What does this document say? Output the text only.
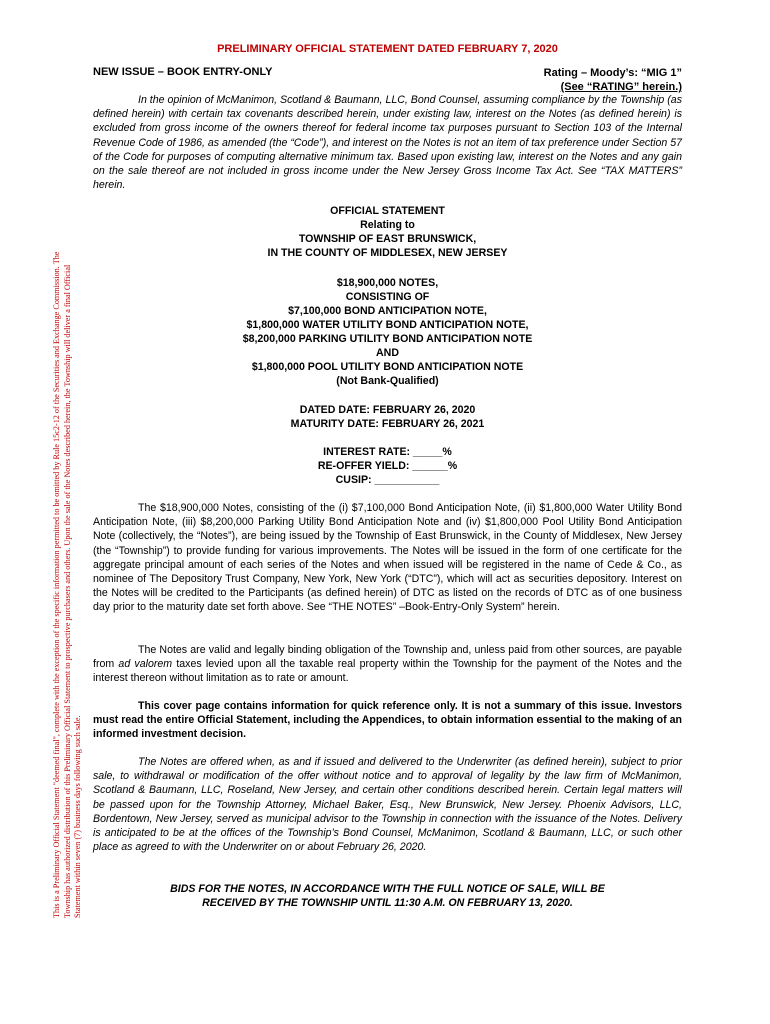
This is a Preliminary Official Statement "deemed final", complete with the exception of the specific information permitted to be omitted by Rule 15c2-12 of the Securities and Exchange Commission. The Township has authorized distribution of this Preliminary Official Statement to prospective purchasers and others. Upon the sale of the Notes described herein, the Township will deliver a final Official Statement within seven (7) business days following such sale.
PRELIMINARY OFFICIAL STATEMENT DATED FEBRUARY 7, 2020
NEW ISSUE – BOOK ENTRY-ONLY	Rating – Moody’s: “MIG 1”
(See “RATING” herein.)
In the opinion of McManimon, Scotland & Baumann, LLC, Bond Counsel, assuming compliance by the Township (as defined herein) with certain tax covenants described herein, under existing law, interest on the Notes (as defined herein) is excluded from gross income of the owners thereof for federal income tax purposes pursuant to Section 103 of the Internal Revenue Code of 1986, as amended (the “Code”), and interest on the Notes is not an item of tax preference under Section 57 of the Code for purposes of computing alternative minimum tax. Based upon existing law, interest on the Notes and any gain on the sale thereof are not included in gross income under the New Jersey Gross Income Tax Act. See “TAX MATTERS” herein.
OFFICIAL STATEMENT
Relating to
TOWNSHIP OF EAST BRUNSWICK,
IN THE COUNTY OF MIDDLESEX, NEW JERSEY
$18,900,000 NOTES,
CONSISTING OF
$7,100,000 BOND ANTICIPATION NOTE,
$1,800,000 WATER UTILITY BOND ANTICIPATION NOTE,
$8,200,000 PARKING UTILITY BOND ANTICIPATION NOTE
AND
$1,800,000 POOL UTILITY BOND ANTICIPATION NOTE
(Not Bank-Qualified)
DATED DATE: FEBRUARY 26, 2020
MATURITY DATE: FEBRUARY 26, 2021
INTEREST RATE: _____%
RE-OFFER YIELD: ______%
CUSIP: ___________
The $18,900,000 Notes, consisting of the (i) $7,100,000 Bond Anticipation Note, (ii) $1,800,000 Water Utility Bond Anticipation Note, (iii) $8,200,000 Parking Utility Bond Anticipation Note and (iv) $1,800,000 Pool Utility Bond Anticipation Note (collectively, the “Notes”), are being issued by the Township of East Brunswick, in the County of Middlesex, New Jersey (the “Township”) to provide funding for various improvements. The Notes will be issued in the form of one certificate for the aggregate principal amount of each series of the Notes and when issued will be registered in the name of Cede & Co., as nominee of The Depository Trust Company, New York, New York (“DTC”), which will act as securities depository. Interest on the Notes will be credited to the Participants (as defined herein) of DTC as listed on the records of DTC as of one business day prior to the maturity date set forth above. See “THE NOTES” –Book-Entry-Only System” herein.
The Notes are valid and legally binding obligation of the Township and, unless paid from other sources, are payable from ad valorem taxes levied upon all the taxable real property within the Township for the payment of the Notes and the interest thereon without limitation as to rate or amount.
This cover page contains information for quick reference only. It is not a summary of this issue. Investors must read the entire Official Statement, including the Appendices, to obtain information essential to the making of an informed investment decision.
The Notes are offered when, as and if issued and delivered to the Underwriter (as defined herein), subject to prior sale, to withdrawal or modification of the offer without notice and to approval of legality by the law firm of McManimon, Scotland & Baumann, LLC, Roseland, New Jersey, and certain other conditions described herein. Certain legal matters will be passed upon for the Township Attorney, Michael Baker, Esq., New Brunswick, New Jersey. Phoenix Advisors, LLC, Bordentown, New Jersey, served as municipal advisor to the Township in connection with the issuance of the Notes. Delivery is anticipated to be at the offices of the Township’s Bond Counsel, McManimon, Scotland & Baumann, LLC, or such other place as agreed to with the Underwriter on or about February 26, 2020.
BIDS FOR THE NOTES, IN ACCORDANCE WITH THE FULL NOTICE OF SALE, WILL BE
RECEIVED BY THE TOWNSHIP UNTIL 11:30 A.M. ON FEBRUARY 13, 2020.
